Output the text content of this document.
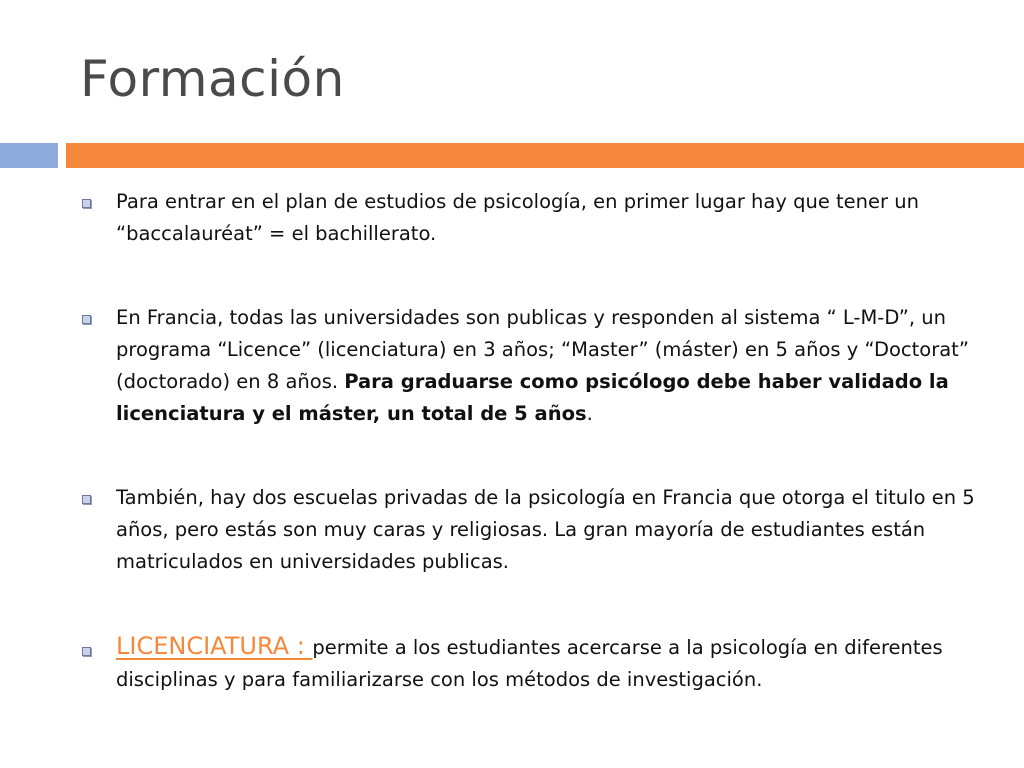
Formación
Para entrar en el plan de estudios de psicología, en primer lugar hay que tener un “baccalauréat” = el bachillerato.
En Francia, todas las universidades son publicas y responden al sistema “ L-M-D”, un programa “Licence” (licenciatura) en 3 años; “Master” (máster) en 5 años y “Doctorat” (doctorado) en 8 años. Para graduarse como psicólogo debe haber validado la licenciatura y el máster, un total de 5 años.
También, hay dos escuelas privadas de la psicología en Francia que otorga el titulo en 5 años, pero estás son muy caras y religiosas. La gran mayoría de estudiantes están matriculados en universidades publicas.
LICENCIATURA : permite a los estudiantes acercarse a la psicología en diferentes disciplinas y para familiarizarse con los métodos de investigación.
